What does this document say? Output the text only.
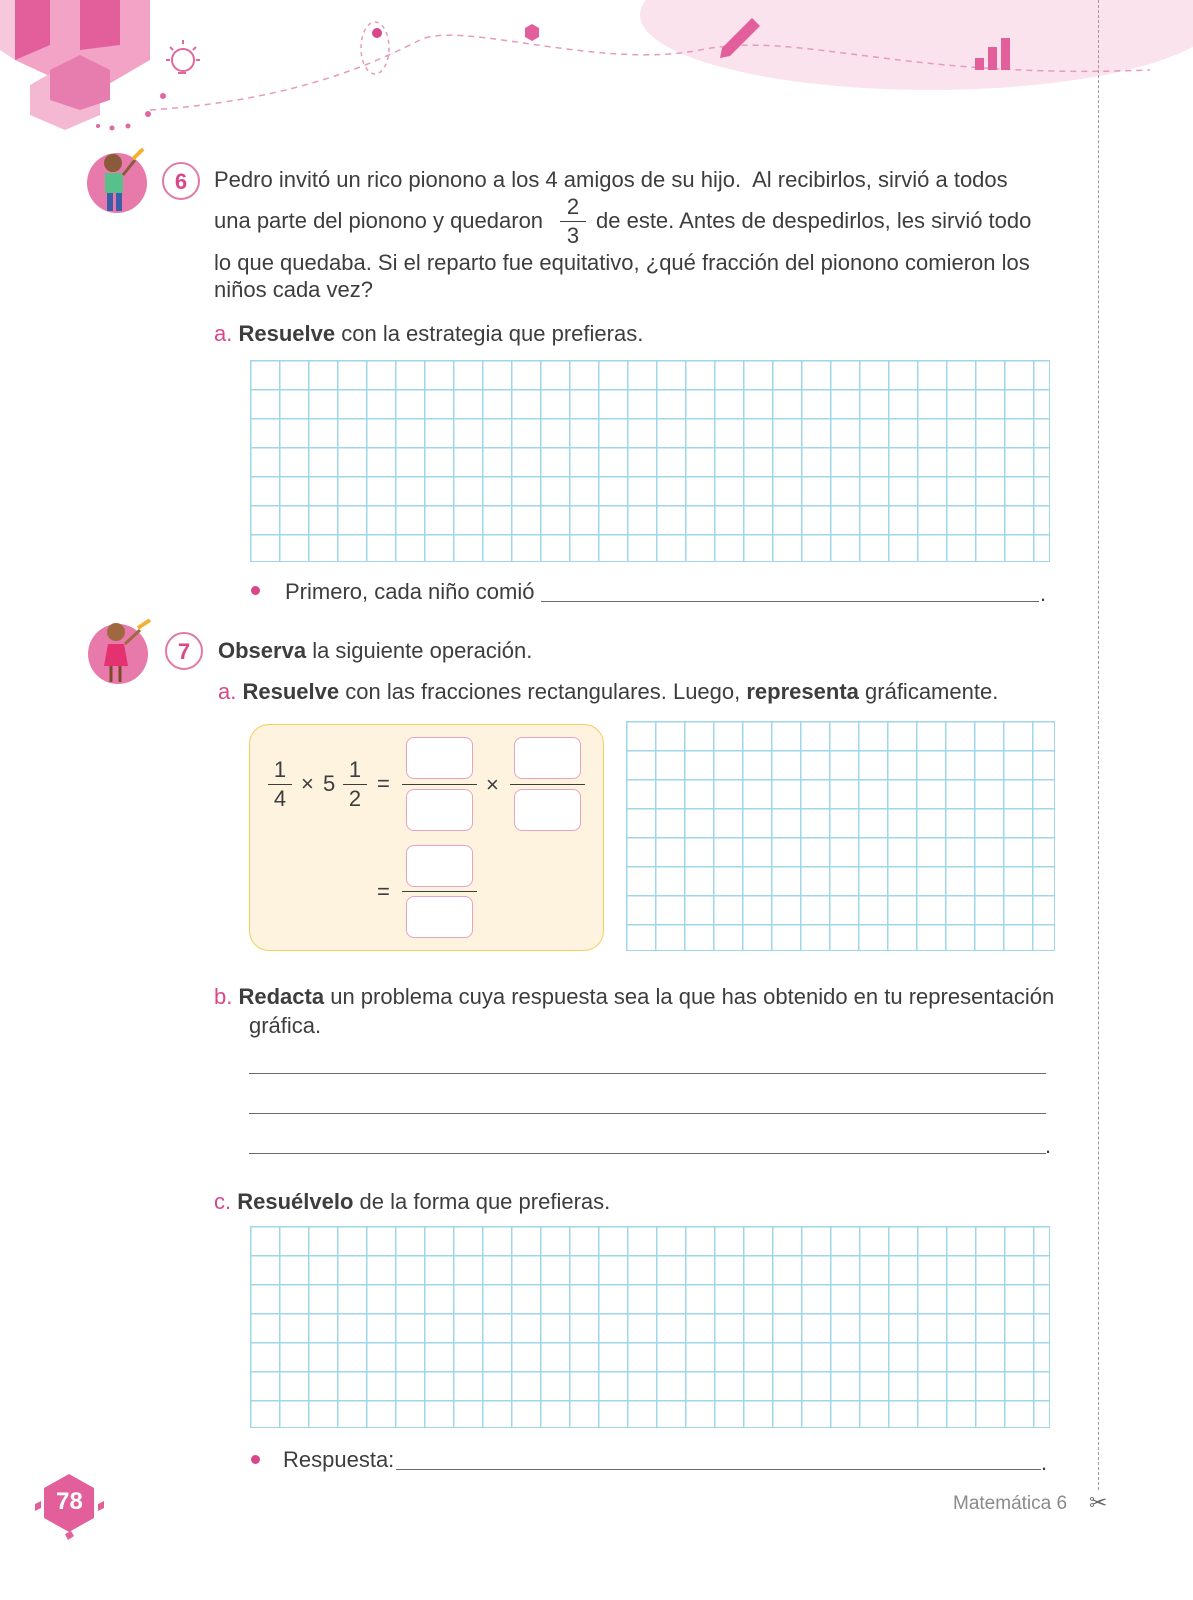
✂
6	Pedro invitó un rico pionono a los 4 amigos de su hijo.  Al recibirlos, sirvió a todos
una parte del pionono y quedaron
2
3
de este. Antes de despedirlos, les sirvió todo
lo que quedaba. Si el reparto fue equitativo, ¿qué fracción del pionono comieron los
niños cada vez?
a. Resuelve con la estrategia que prefieras.
Primero, cada niño comió	.
7	Observa la siguiente operación.
a. Resuelve con las fracciones rectangulares. Luego, representa gráficamente.
1
4
× 5
1
2
=	×
=
b. Redacta un problema cuya respuesta sea la que has obtenido en tu representación
gráfica.
.
c. Resuélvelo de la forma que prefieras.
Respuesta:	.
78	Matemática 6
